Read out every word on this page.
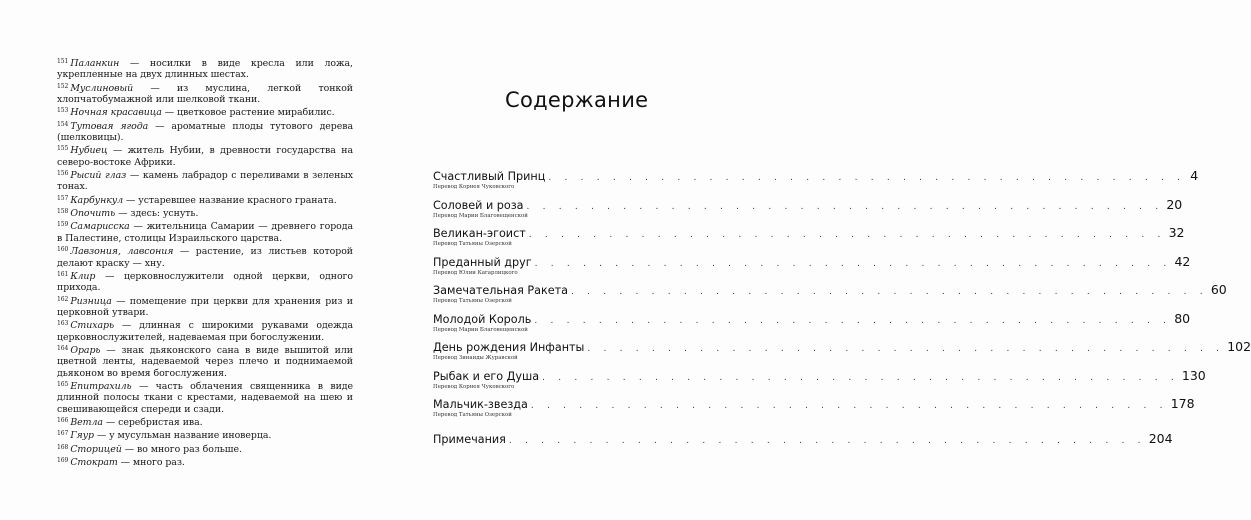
$^{151}$ Паланкин — носилки в виде кресла или ложа, укрепленные на двух длинных шестах.

$^{152}$ Муслиновый — из муслина, легкой тонкой хлопчатобумажной или шелковой ткани.

$^{153}$ Ночная красавица — цветковое растение мирабилис.

$^{154}$ Тутовая ягода — ароматные плоды тутового дерева (шелковицы).

$^{155}$ Нубиец — житель Нубии, в древности государства на северо-востоке Африки.

$^{156}$ Рысий глаз — камень лабрадор с переливами в зеленых тонах.

$^{157}$ Карбункул — устаревшее название красного граната.

$^{158}$ Опочить — здесь: уснуть.

$^{159}$ Самарисска — жительница Самарии — древнего города в Палестине, столицы Израильского царства.

$^{160}$ Лавзония, лавсония — растение, из листьев которой делают краску — хну.

$^{161}$ Клир — церковнослужители одной церкви, одного прихода.

$^{162}$ Ризница — помещение при церкви для хранения риз и церковной утвари.

$^{163}$ Стихарь — длинная с широкими рукавами одежда церковнослужителей, надеваемая при богослужении.

$^{164}$ Орарь — знак дьяконского сана в виде вышитой или цветной ленты, надеваемой через плечо и поднимаемой дьяконом во время богослужения.

$^{165}$ Епитрахиль — часть облачения священника в виде длинной полосы ткани с крестами, надеваемой на шею и свешивающейся спереди и сзади.

$^{166}$ Ветла — серебристая ива.

$^{167}$ Гяур — у мусульман название иноверца.

$^{168}$ Сторицей — во много раз больше.

$^{169}$ Стократ — много раз.

Содержание
Счастливый Принц . . . . . . . . . . . . . . . . . . . . . . . . . . . . . . . . . . . . . . . . 4
Перевод Корнея Чуковского
Соловей и роза . . . . . . . . . . . . . . . . . . . . . . . . . . . . . . . . . . . . . . . . 20
Перевод Марии Благовещенской
Великан-эгоист . . . . . . . . . . . . . . . . . . . . . . . . . . . . . . . . . . . . . . . . 32
Перевод Татьяны Озерской
Преданный друг . . . . . . . . . . . . . . . . . . . . . . . . . . . . . . . . . . . . . . . . 42
Перевод Юлии Кагарлицкого
Замечательная Ракета . . . . . . . . . . . . . . . . . . . . . . . . . . . . . . . . . . . . . . . . 60
Перевод Татьяны Озерской
Молодой Король . . . . . . . . . . . . . . . . . . . . . . . . . . . . . . . . . . . . . . . . 80
Перевод Марии Благовещенской
День рождения Инфанты . . . . . . . . . . . . . . . . . . . . . . . . . . . . . . . . . . . . . . . . 102
Перевод Зинаиды Журавской
Рыбак и его Душа . . . . . . . . . . . . . . . . . . . . . . . . . . . . . . . . . . . . . . . . 130
Перевод Корнея Чуковского
Мальчик-звезда . . . . . . . . . . . . . . . . . . . . . . . . . . . . . . . . . . . . . . . . 178
Перевод Татьяны Озерской
Примечания . . . . . . . . . . . . . . . . . . . . . . . . . . . . . . . . . . . . . . . . 204
